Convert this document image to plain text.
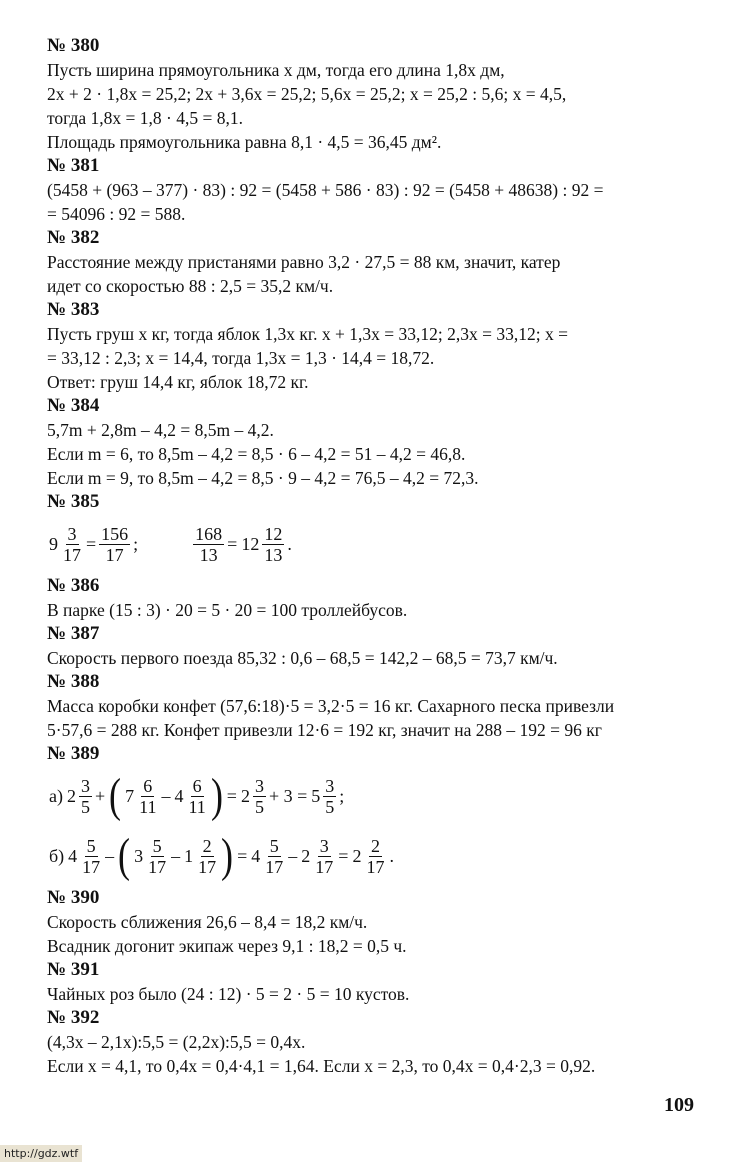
№ 380

Пусть ширина прямоугольника x дм, тогда его длина 1,8x дм,

2x + 2 · 1,8x = 25,2; 2x + 3,6x = 25,2; 5,6x = 25,2; x = 25,2 : 5,6; x = 4,5,

тогда 1,8x = 1,8 · 4,5 = 8,1.

Площадь прямоугольника равна 8,1 · 4,5 = 36,45 дм².

№ 381

(5458 + (963 – 377) · 83) : 92 = (5458 + 586 · 83) : 92 = (5458 + 48638) : 92 =

= 54096 : 92 = 588.

№ 382

Расстояние между пристанями равно 3,2 · 27,5 = 88 км, значит, катер

идет со скоростью 88 : 2,5 = 35,2 км/ч.

№ 383

Пусть груш x кг, тогда яблок 1,3x кг. x + 1,3x = 33,12; 2,3x = 33,12; x =

= 33,12 : 2,3; x = 14,4, тогда 1,3x = 1,3 · 14,4 = 18,72.

Ответ: груш 14,4 кг, яблок 18,72 кг.

№ 384

5,7m + 2,8m – 4,2 = 8,5m – 4,2.

Если m = 6, то 8,5m – 4,2 = 8,5 · 6 – 4,2 = 51 – 4,2 = 46,8.

Если m = 9, то 8,5m – 4,2 = 8,5 · 9 – 4,2 = 76,5 – 4,2 = 72,3.

№ 385

$9 \frac{3}{17} = \frac{156}{17}$ ;	$\frac{168}{13} = 12 \frac{12}{13}$ .

№ 386

В парке (15 : 3) · 20 = 5 · 20 = 100 троллейбусов.

№ 387

Скорость первого поезда 85,32 : 0,6 – 68,5 = 142,2 – 68,5 = 73,7 км/ч.

№ 388

Масса коробки конфет (57,6:18)·5 = 3,2·5 = 16 кг. Сахарного песка привезли

5·57,6 = 288 кг. Конфет привезли 12·6 = 192 кг, значит на 288 – 192 = 96 кг

№ 389

а) $2 \frac{3}{5}$ + ( $7 \frac{6}{11} - 4 \frac{6}{11}$ ) = $2 \frac{3}{5} + 3 = 5 \frac{3}{5}$ ;
б) $4 \frac{5}{17}$ – ( $3 \frac{5}{17} - 1 \frac{2}{17}$ ) = $4 \frac{5}{17} - 2 \frac{3}{17} = 2 \frac{2}{17}$ .

№ 390

Скорость сближения 26,6 – 8,4 = 18,2 км/ч.

Всадник догонит экипаж через 9,1 : 18,2 = 0,5 ч.

№ 391

Чайных роз было (24 : 12) · 5 = 2 · 5 = 10 кустов.

№ 392

(4,3x – 2,1x):5,5 = (2,2x):5,5 = 0,4x.

Если x = 4,1, то 0,4x = 0,4·4,1 = 1,64. Если x = 2,3, то 0,4x = 0,4·2,3 = 0,92.

109
http://gdz.wtf
